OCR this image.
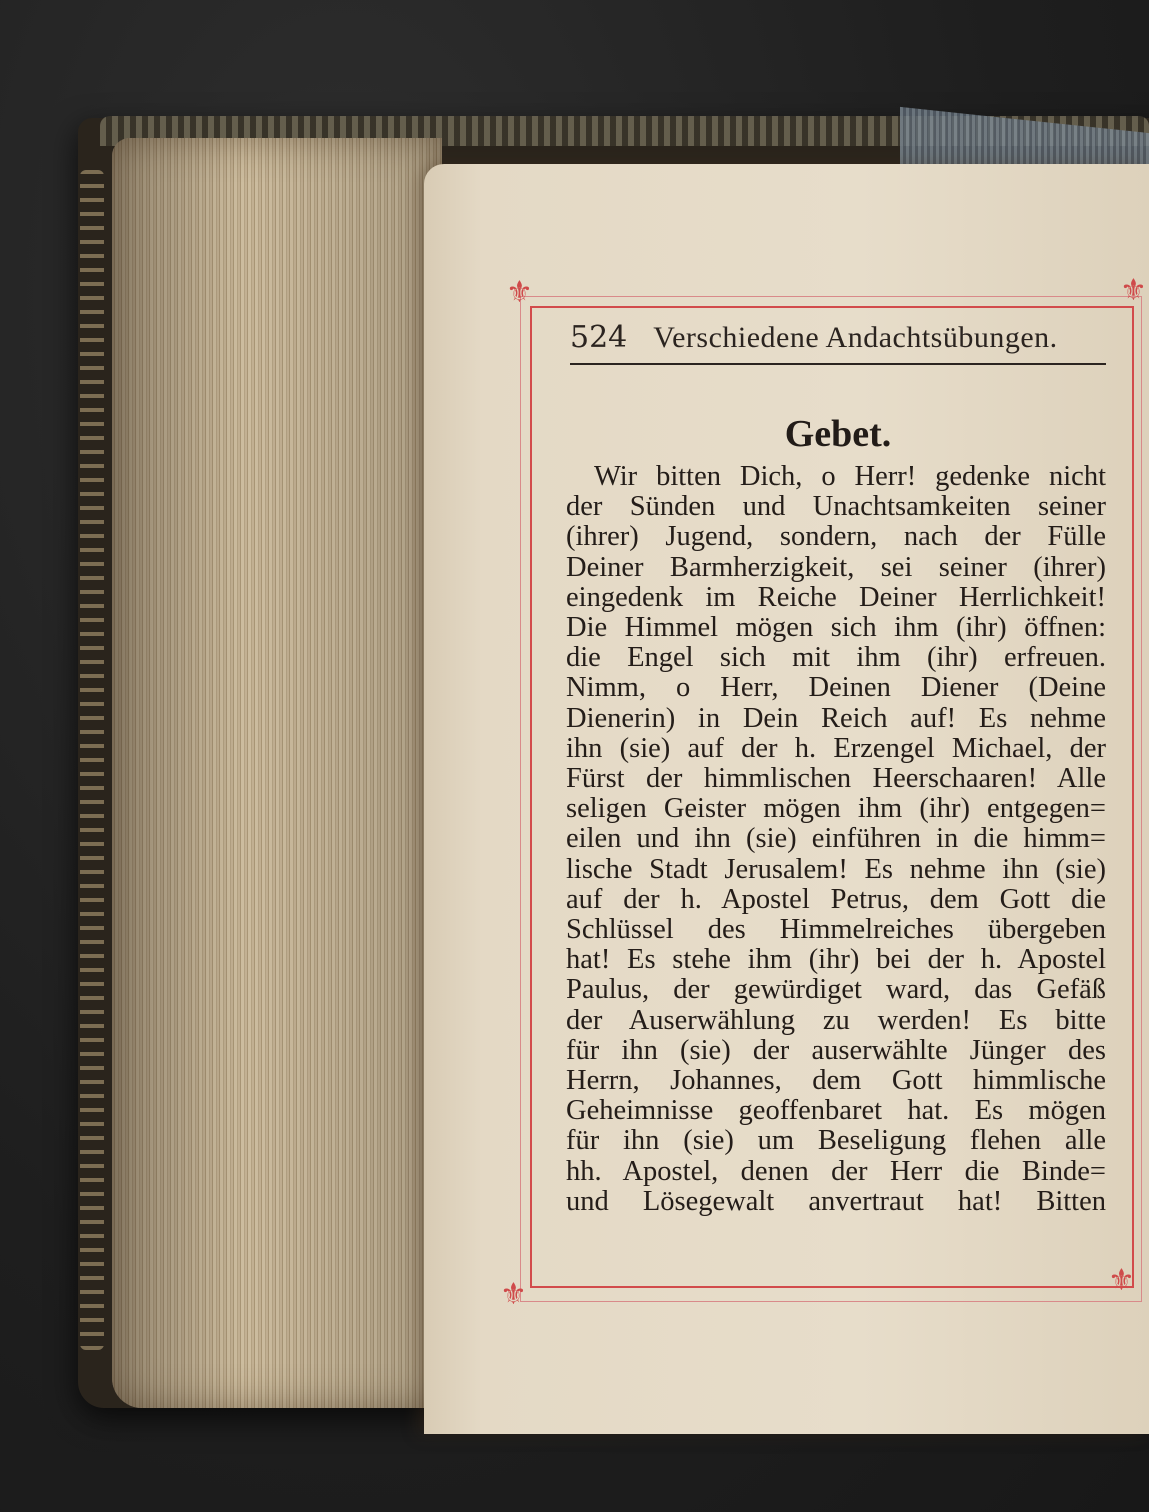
⚜	⚜
⚜	⚜
524 Verschiedene Andachtsübungen.
Gebet.
Wir bitten Dich, o Herr! gedenke nicht
der Sünden und Unachtsamkeiten seiner
(ihrer) Jugend, sondern, nach der Fülle
Deiner Barmherzigkeit, sei seiner (ihrer)
eingedenk im Reiche Deiner Herrlichkeit!
Die Himmel mögen sich ihm (ihr) öffnen:
die Engel sich mit ihm (ihr) erfreuen.
Nimm, o Herr, Deinen Diener (Deine
Dienerin) in Dein Reich auf! Es nehme
ihn (sie) auf der h. Erzengel Michael, der
Fürst der himmlischen Heerschaaren! Alle
seligen Geister mögen ihm (ihr) entgegen=
eilen und ihn (sie) einführen in die himm=
lische Stadt Jerusalem! Es nehme ihn (sie)
auf der h. Apostel Petrus, dem Gott die
Schlüssel des Himmelreiches übergeben
hat! Es stehe ihm (ihr) bei der h. Apostel
Paulus, der gewürdiget ward, das Gefäß
der Auserwählung zu werden! Es bitte
für ihn (sie) der auserwählte Jünger des
Herrn, Johannes, dem Gott himmlische
Geheimnisse geoffenbaret hat. Es mögen
für ihn (sie) um Beseligung flehen alle
hh. Apostel, denen der Herr die Binde=
und Lösegewalt anvertraut hat! Bitten
